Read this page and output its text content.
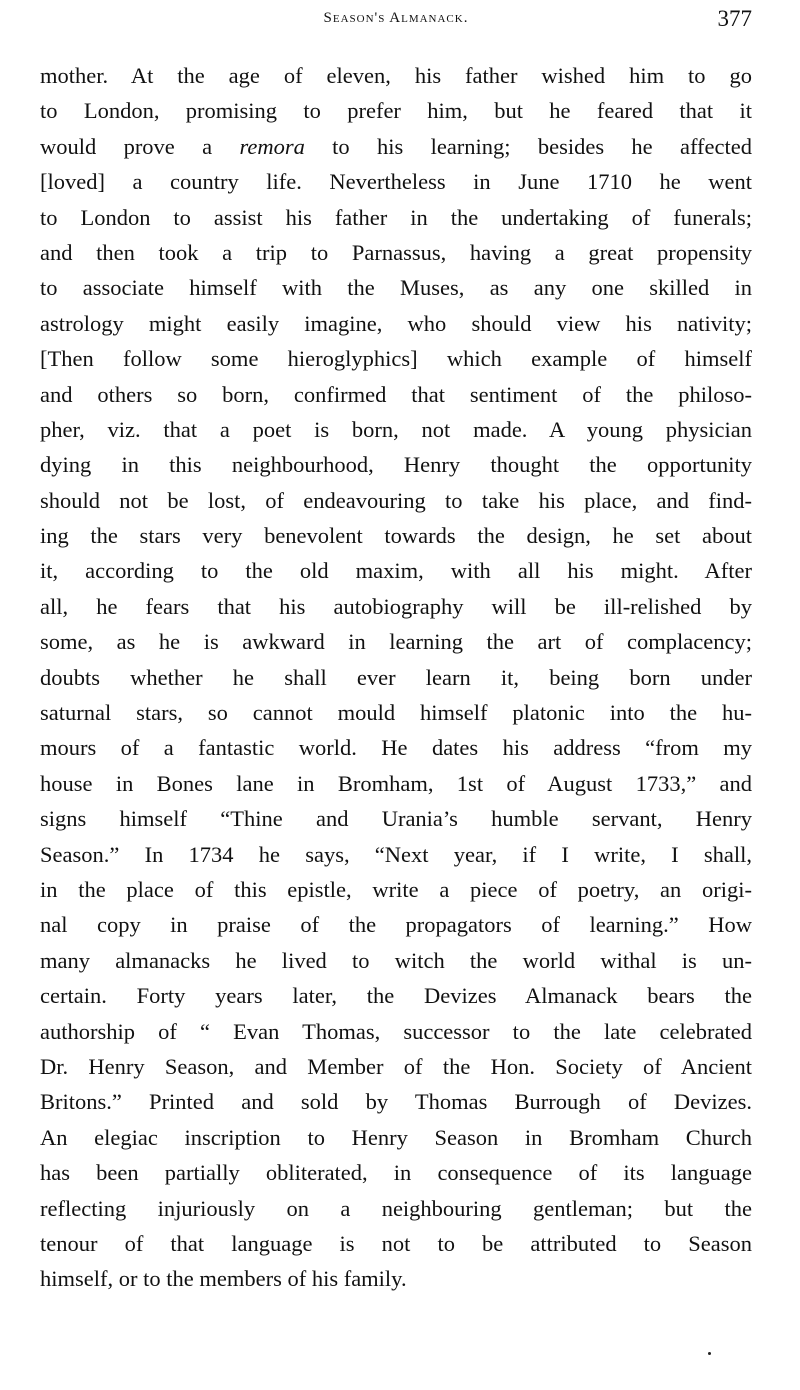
Season's Almanack.	377
mother. At the age of eleven, his father wished him to go
to London, promising to prefer him, but he feared that it
would prove a remora to his learning; besides he affected
[loved] a country life. Nevertheless in June 1710 he went
to London to assist his father in the undertaking of funerals;
and then took a trip to Parnassus, having a great propensity
to associate himself with the Muses, as any one skilled in
astrology might easily imagine, who should view his nativity;
[Then follow some hieroglyphics] which example of himself
and others so born, confirmed that sentiment of the philoso-
pher, viz. that a poet is born, not made. A young physician
dying in this neighbourhood, Henry thought the opportunity
should not be lost, of endeavouring to take his place, and find-
ing the stars very benevolent towards the design, he set about
it, according to the old maxim, with all his might. After
all, he fears that his autobiography will be ill-relished by
some, as he is awkward in learning the art of complacency;
doubts whether he shall ever learn it, being born under
saturnal stars, so cannot mould himself platonic into the hu-
mours of a fantastic world. He dates his address “from my
house in Bones lane in Bromham, 1st of August 1733,” and
signs himself “Thine and Urania’s humble servant, Henry
Season.” In 1734 he says, “Next year, if I write, I shall,
in the place of this epistle, write a piece of poetry, an origi-
nal copy in praise of the propagators of learning.” How
many almanacks he lived to witch the world withal is un-
certain. Forty years later, the Devizes Almanack bears the
authorship of “ Evan Thomas, successor to the late celebrated
Dr. Henry Season, and Member of the Hon. Society of Ancient
Britons.” Printed and sold by Thomas Burrough of Devizes.
An elegiac inscription to Henry Season in Bromham Church
has been partially obliterated, in consequence of its language
reflecting injuriously on a neighbouring gentleman; but the
tenour of that language is not to be attributed to Season
himself, or to the members of his family.
